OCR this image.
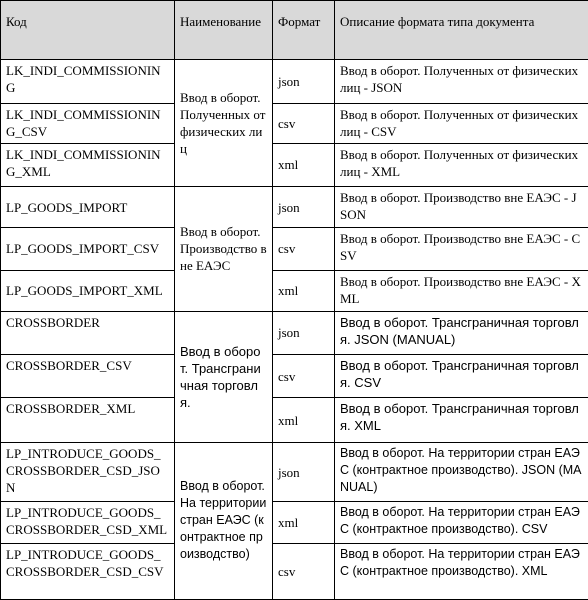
Код	Наименование	Формат	Описание формата типа документа
LK_INDI_COMMISSIONING	Ввод в оборот. Полученных от физических лиц	json	Ввод в оборот. Полученных от физических лиц - JSON
LK_INDI_COMMISSIONING_CSV		csv	Ввод в оборот. Полученных от физических лиц - CSV
LK_INDI_COMMISSIONING_XML		xml	Ввод в оборот. Полученных от физических лиц - XML
LP_GOODS_IMPORT	Ввод в оборот. Производство вне ЕАЭС	json	Ввод в оборот. Производство вне ЕАЭС - JSON
LP_GOODS_IMPORT_CSV		csv	Ввод в оборот. Производство вне ЕАЭС - CSV
LP_GOODS_IMPORT_XML		xml	Ввод в оборот. Производство вне ЕАЭС - XML
CROSSBORDER	Ввод в оборот. Трансграничная торговля.	json	Ввод в оборот. Трансграничная торговля. JSON (MANUAL)
CROSSBORDER_CSV		csv	Ввод в оборот. Трансграничная торговля. CSV
CROSSBORDER_XML		xml	Ввод в оборот. Трансграничная торговля. XML
LP_INTRODUCE_GOODS_CROSSBORDER_CSD_JSON	Ввод в оборот. На территории стран ЕАЭС (контрактное производство)	json	Ввод в оборот. На территории стран ЕАЭС (контрактное производство). JSON (MANUAL)
LP_INTRODUCE_GOODS_CROSSBORDER_CSD_XML		xml	Ввод в оборот. На территории стран ЕАЭС (контрактное производство). CSV
LP_INTRODUCE_GOODS_CROSSBORDER_CSD_CSV		csv	Ввод в оборот. На территории стран ЕАЭС (контрактное производство). XML
